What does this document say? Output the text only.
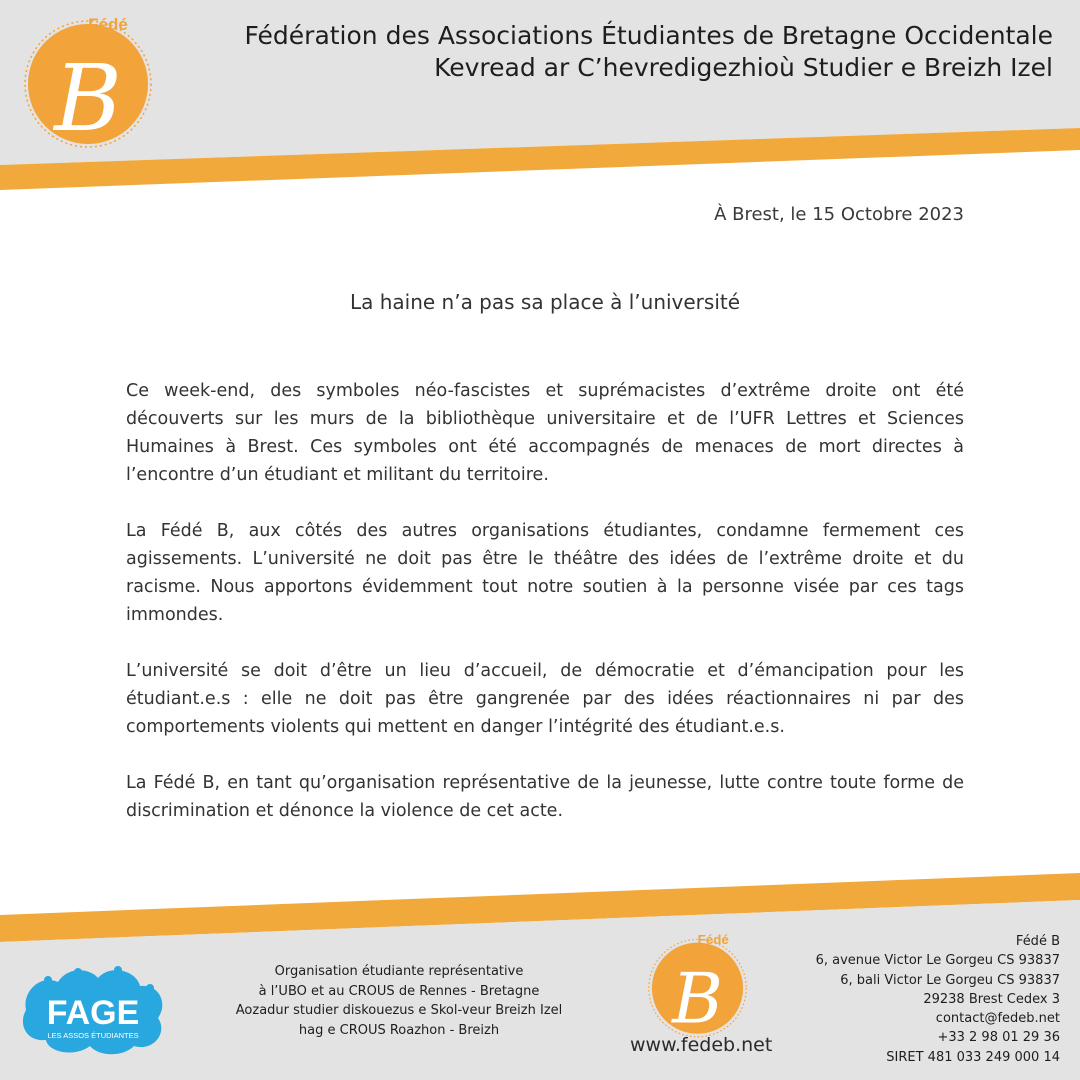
B
Fédé	Fédération des Associations Étudiantes de Bretagne Occidentale
Kevread ar C’hevredigezhioù Studier e Breizh Izel
À Brest, le 15 Octobre 2023
La haine n’a pas sa place à l’université

Ce week-end, des symboles néo-fascistes et suprémacistes d’extrême droite ont été découverts sur les murs de la bibliothèque universitaire et de l’UFR Lettres et Sciences Humaines à Brest. Ces symboles ont été accompagnés de menaces de mort directes à l’encontre d’un étudiant et militant du territoire.

La Fédé B, aux côtés des autres organisations étudiantes, condamne fermement ces agissements. L’université ne doit pas être le théâtre des idées de l’extrême droite et du racisme. Nous apportons évidemment tout notre soutien à la personne visée par ces tags immondes.

L’université se doit d’être un lieu d’accueil, de démocratie et d’émancipation pour les étudiant.e.s : elle ne doit pas être gangrenée par des idées réactionnaires ni par des comportements violents qui mettent en danger l’intégrité des étudiant.e.s.

La Fédé B, en tant qu’organisation représentative de la jeunesse, lutte contre toute forme de discrimination et dénonce la violence de cet acte.

FAGE
LES ASSOS ÉTUDIANTES
Organisation étudiante représentative
à l’UBO et au CROUS de Rennes - Bretagne
Aozadur studier diskouezus e Skol-veur Breizh Izel
hag e CROUS Roazhon - Breizh	B
Fédé
www.fedeb.net
Fédé B
6, avenue Victor Le Gorgeu CS 93837
6, bali Victor Le Gorgeu CS 93837
29238 Brest Cedex 3
contact@fedeb.net
+33 2 98 01 29 36
SIRET 481 033 249 000 14
